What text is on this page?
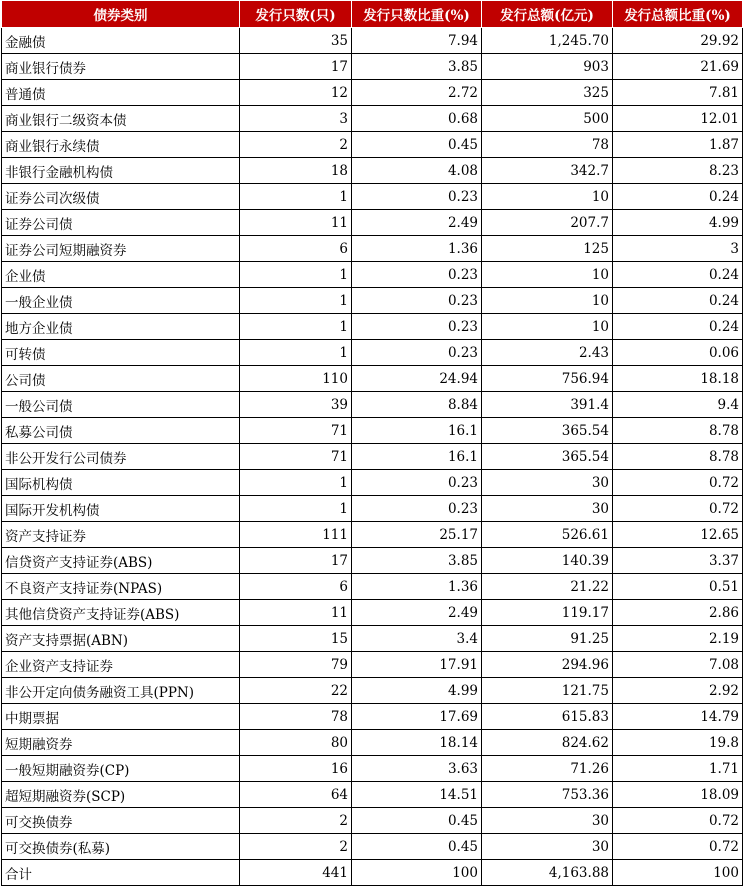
债券类别	发行只数(只)	发行只数比重(%)	发行总额(亿元)	发行总额比重(%)
金融债	35	7.94	1,245.70	29.92
商业银行债券	17	3.85	903	21.69
普通债	12	2.72	325	7.81
商业银行二级资本债	3	0.68	500	12.01
商业银行永续债	2	0.45	78	1.87
非银行金融机构债	18	4.08	342.7	8.23
证券公司次级债	1	0.23	10	0.24
证券公司债	11	2.49	207.7	4.99
证券公司短期融资券	6	1.36	125	3
企业债	1	0.23	10	0.24
一般企业债	1	0.23	10	0.24
地方企业债	1	0.23	10	0.24
可转债	1	0.23	2.43	0.06
公司债	110	24.94	756.94	18.18
一般公司债	39	8.84	391.4	9.4
私募公司债	71	16.1	365.54	8.78
非公开发行公司债券	71	16.1	365.54	8.78
国际机构债	1	0.23	30	0.72
国际开发机构债	1	0.23	30	0.72
资产支持证券	111	25.17	526.61	12.65
信贷资产支持证券(ABS)	17	3.85	140.39	3.37
不良资产支持证券(NPAS)	6	1.36	21.22	0.51
其他信贷资产支持证券(ABS)	11	2.49	119.17	2.86
资产支持票据(ABN)	15	3.4	91.25	2.19
企业资产支持证券	79	17.91	294.96	7.08
非公开定向债务融资工具(PPN)	22	4.99	121.75	2.92
中期票据	78	17.69	615.83	14.79
短期融资券	80	18.14	824.62	19.8
一般短期融资券(CP)	16	3.63	71.26	1.71
超短期融资券(SCP)	64	14.51	753.36	18.09
可交换债券	2	0.45	30	0.72
可交换债券(私募)	2	0.45	30	0.72
合计	441	100	4,163.88	100
